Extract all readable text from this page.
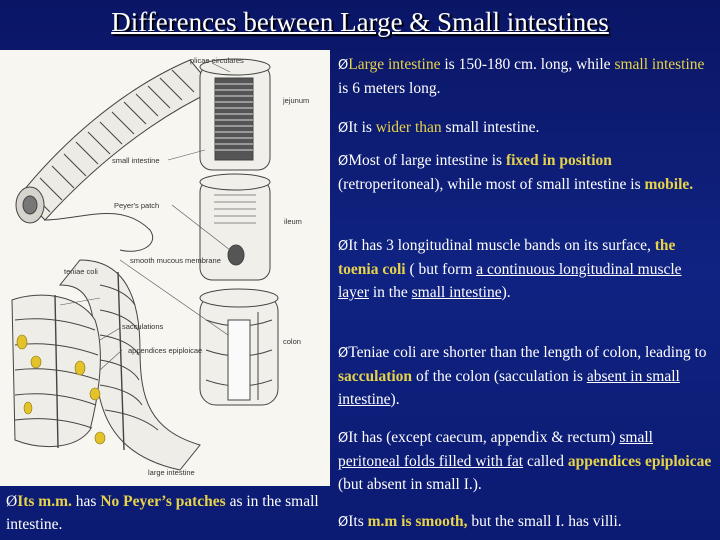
Differences between Large & Small intestines
plicae circulares
jejunum
small intestine
ileum
Peyer's patch
teniae coli
smooth mucous membrane
colon
sacculations
appendices epiploicae
large intestine
ØLarge intestine is 150-180 cm. long, while small intestine is 6 meters long.
ØIt is wider than small intestine.
ØMost of large intestine is fixed in position (retroperitoneal), while most of small intestine is mobile.
ØIt has 3 longitudinal muscle bands on its surface, the toenia coli ( but form a continuous longitudinal muscle layer in the small intestine).
ØTeniae coli are shorter than the length of colon, leading to sacculation of the colon (sacculation is absent in small intestine).
ØIt has (except caecum, appendix & rectum) small peritoneal folds filled with fat called appendices epiploicae (but absent in small I.).
ØIts m.m is smooth, but the small I. has villi.
ØIts m.m. has No Peyer’s patches as in the small intestine.
